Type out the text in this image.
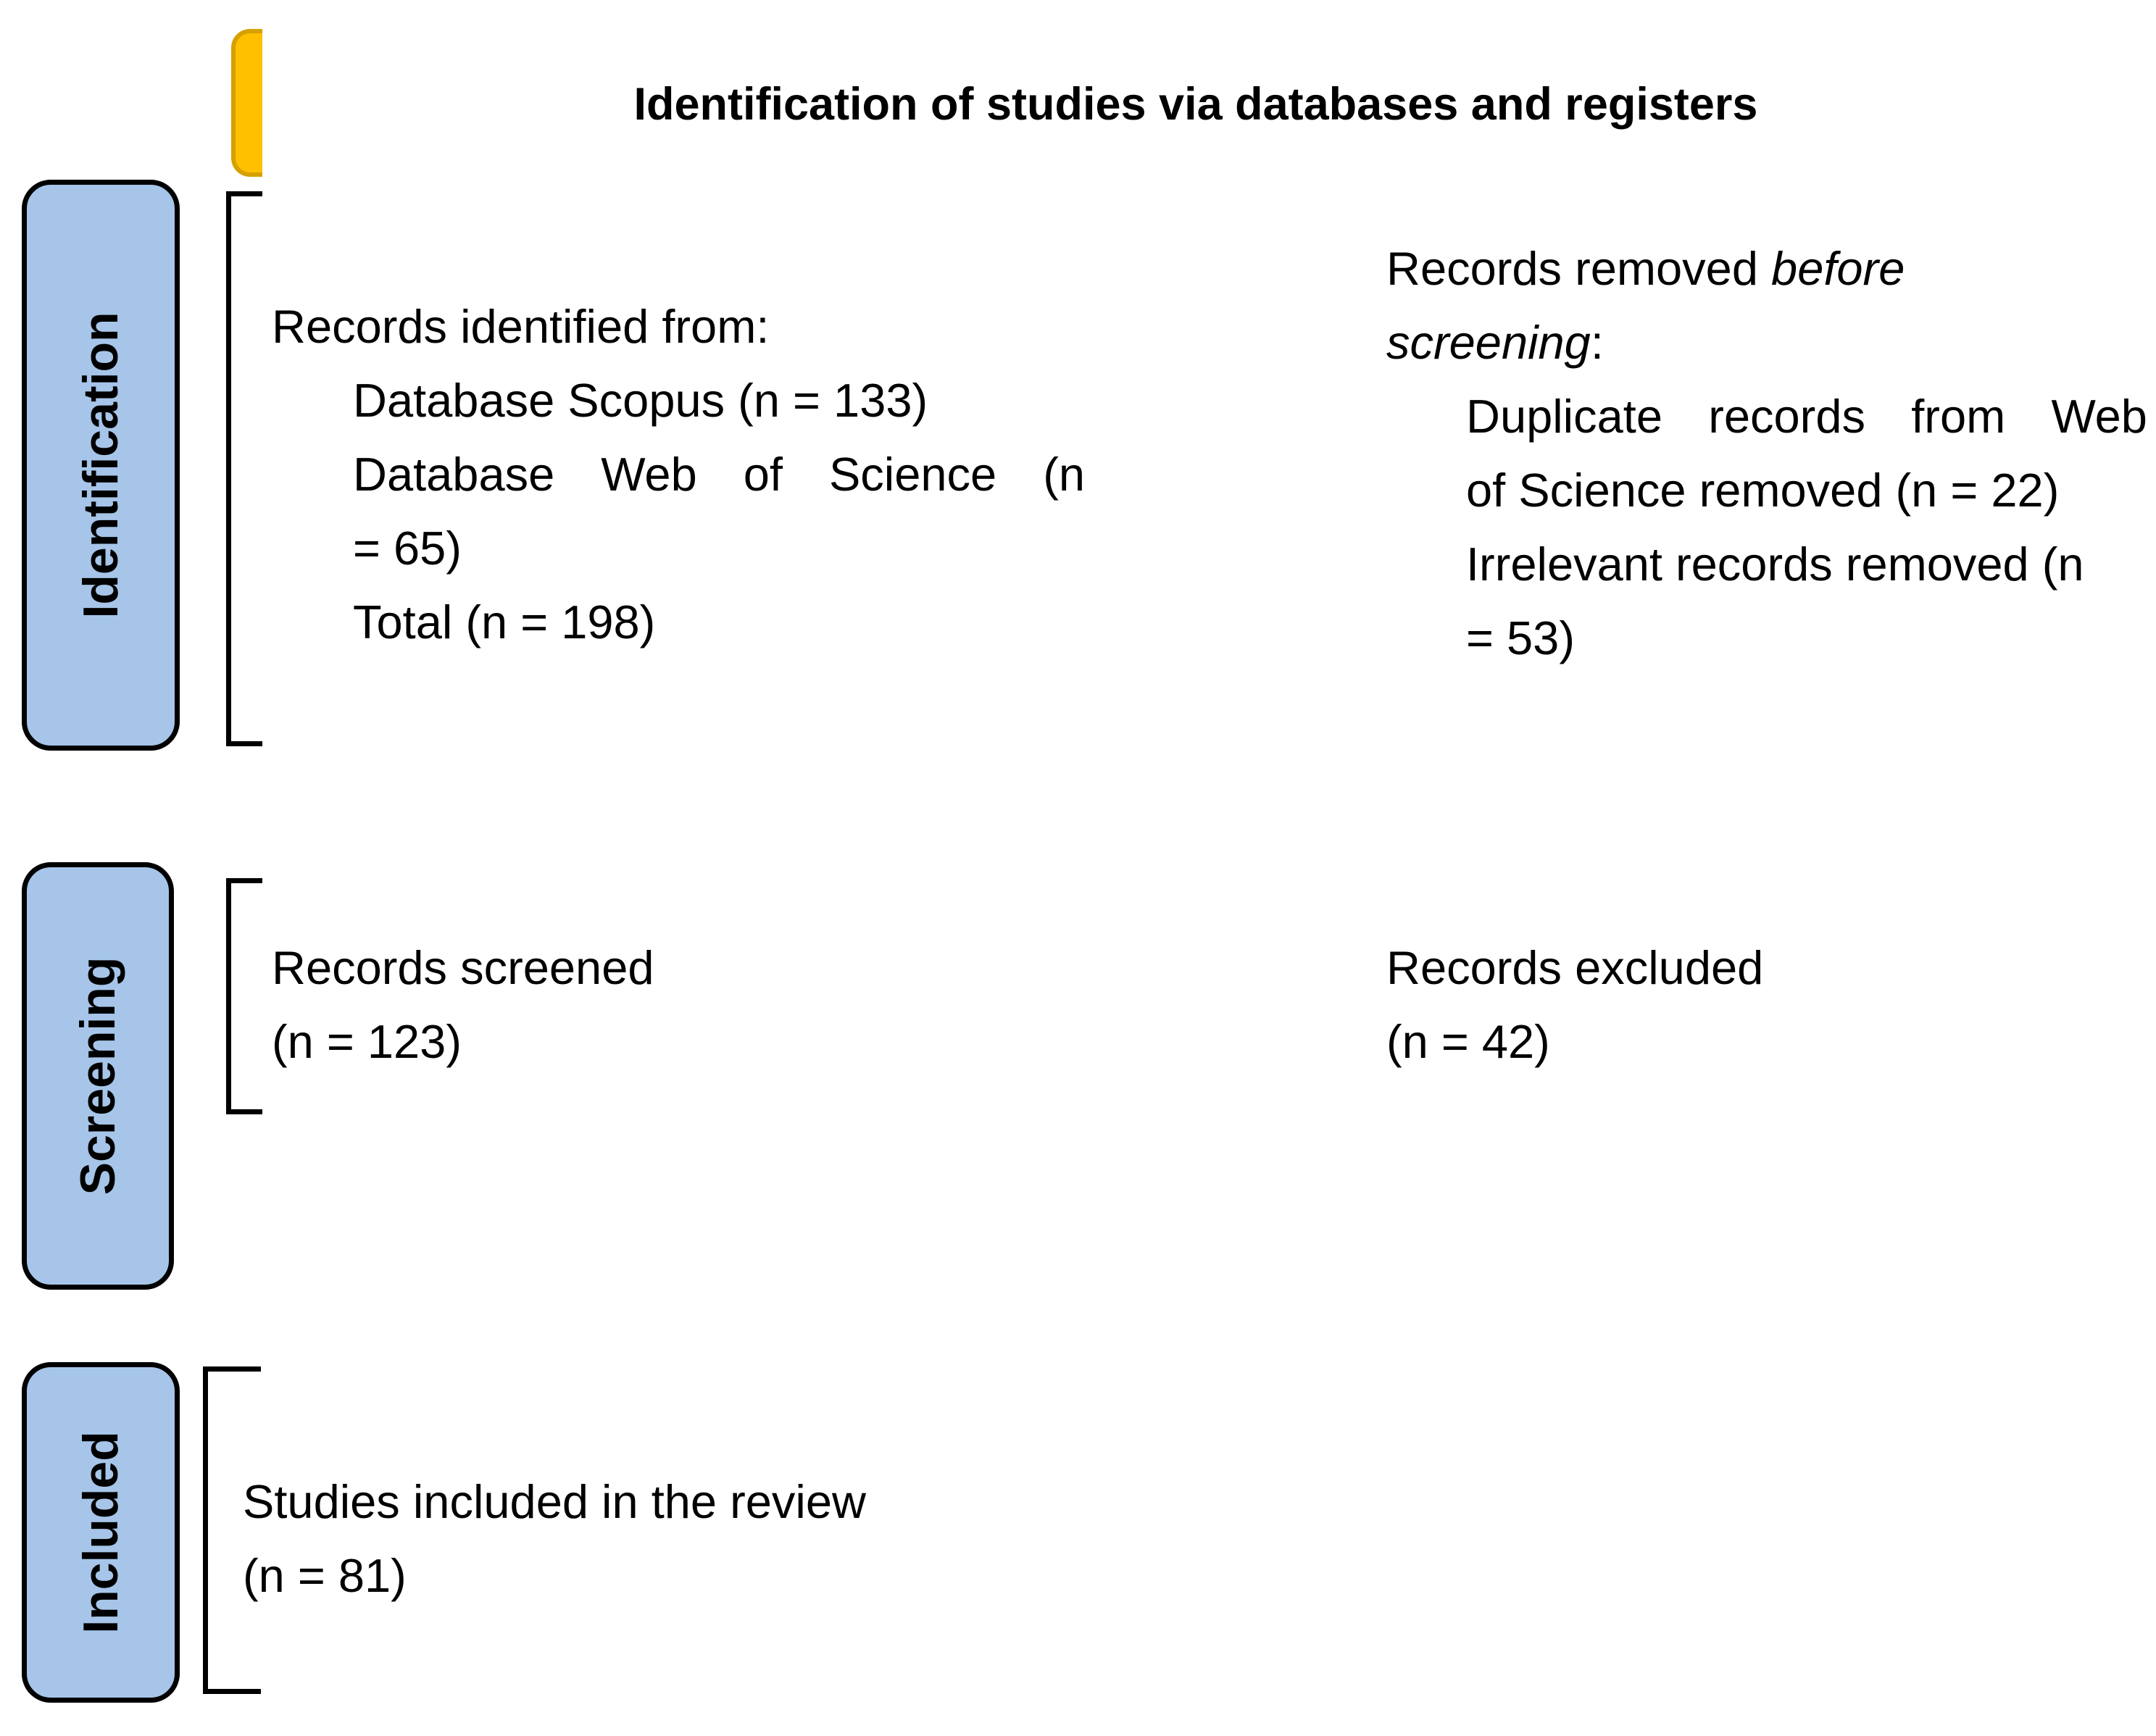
Identification of studies via databases and registers
Identification
Screening
Included
Records identified from:
Database Scopus (n = 133)
Database Web of Science (n
= 65)
Total (n = 198)
Records removed before
screening:
Duplicate records from Web
of Science removed (n = 22)
Irrelevant records removed (n
= 53)
Records screened
(n = 123)
Records excluded
(n = 42)
Studies included in the review
(n = 81)
